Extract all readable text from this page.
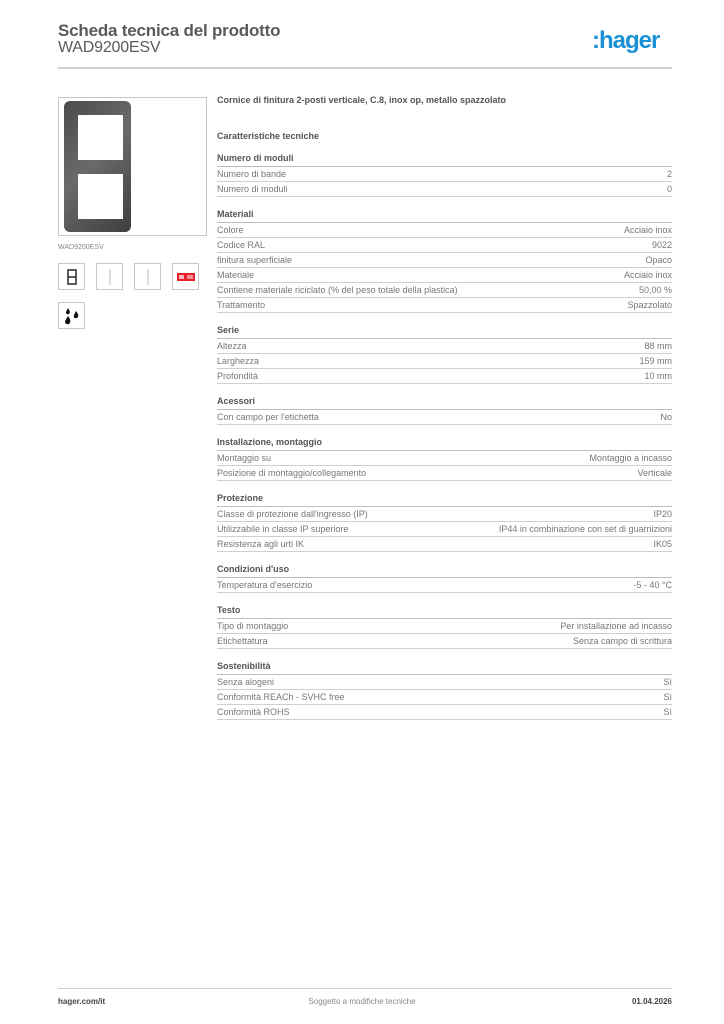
Scheda tecnica del prodotto
WAD9200ESV	:hager
WAD9200ESV
Cornice di finitura 2-posti verticale, C.8, inox op, metallo spazzolato
Caratteristiche tecniche
Numero di moduli
Numero di bande	2
Numero di moduli	0
Materiali
Colore	Acciaio inox
Codice RAL	9022
finitura superficiale	Opaco
Materiale	Acciaio inox
Contiene materiale riciclato (% del peso totale della plastica)	50,00 %
Trattamento	Spazzolato
Serie
Altezza	88 mm
Larghezza	159 mm
Profondità	10 mm
Acessori
Con campo per l'etichetta	No
Installazione, montaggio
Montaggio su	Montaggio a incasso
Posizione di montaggio/collegamento	Verticale
Protezione
Classe di protezione dall'ingresso (IP)	IP20
Utilizzabile in classe IP superiore	IP44 in combinazione con set di guarnizioni
Resistenza agli urti IK	IK05
Condizioni d'uso
Temperatura d'esercizio	-5 - 40 °C
Testo
Tipo di montaggio	Per installazione ad incasso
Etichettatura	Senza campo di scrittura
Sostenibilità
Senza alogeni	Sì
Conformità REACh - SVHC free	Sì
Conformità ROHS	Sì
hager.com/it	Soggetto a modifiche tecniche	01.04.2026
